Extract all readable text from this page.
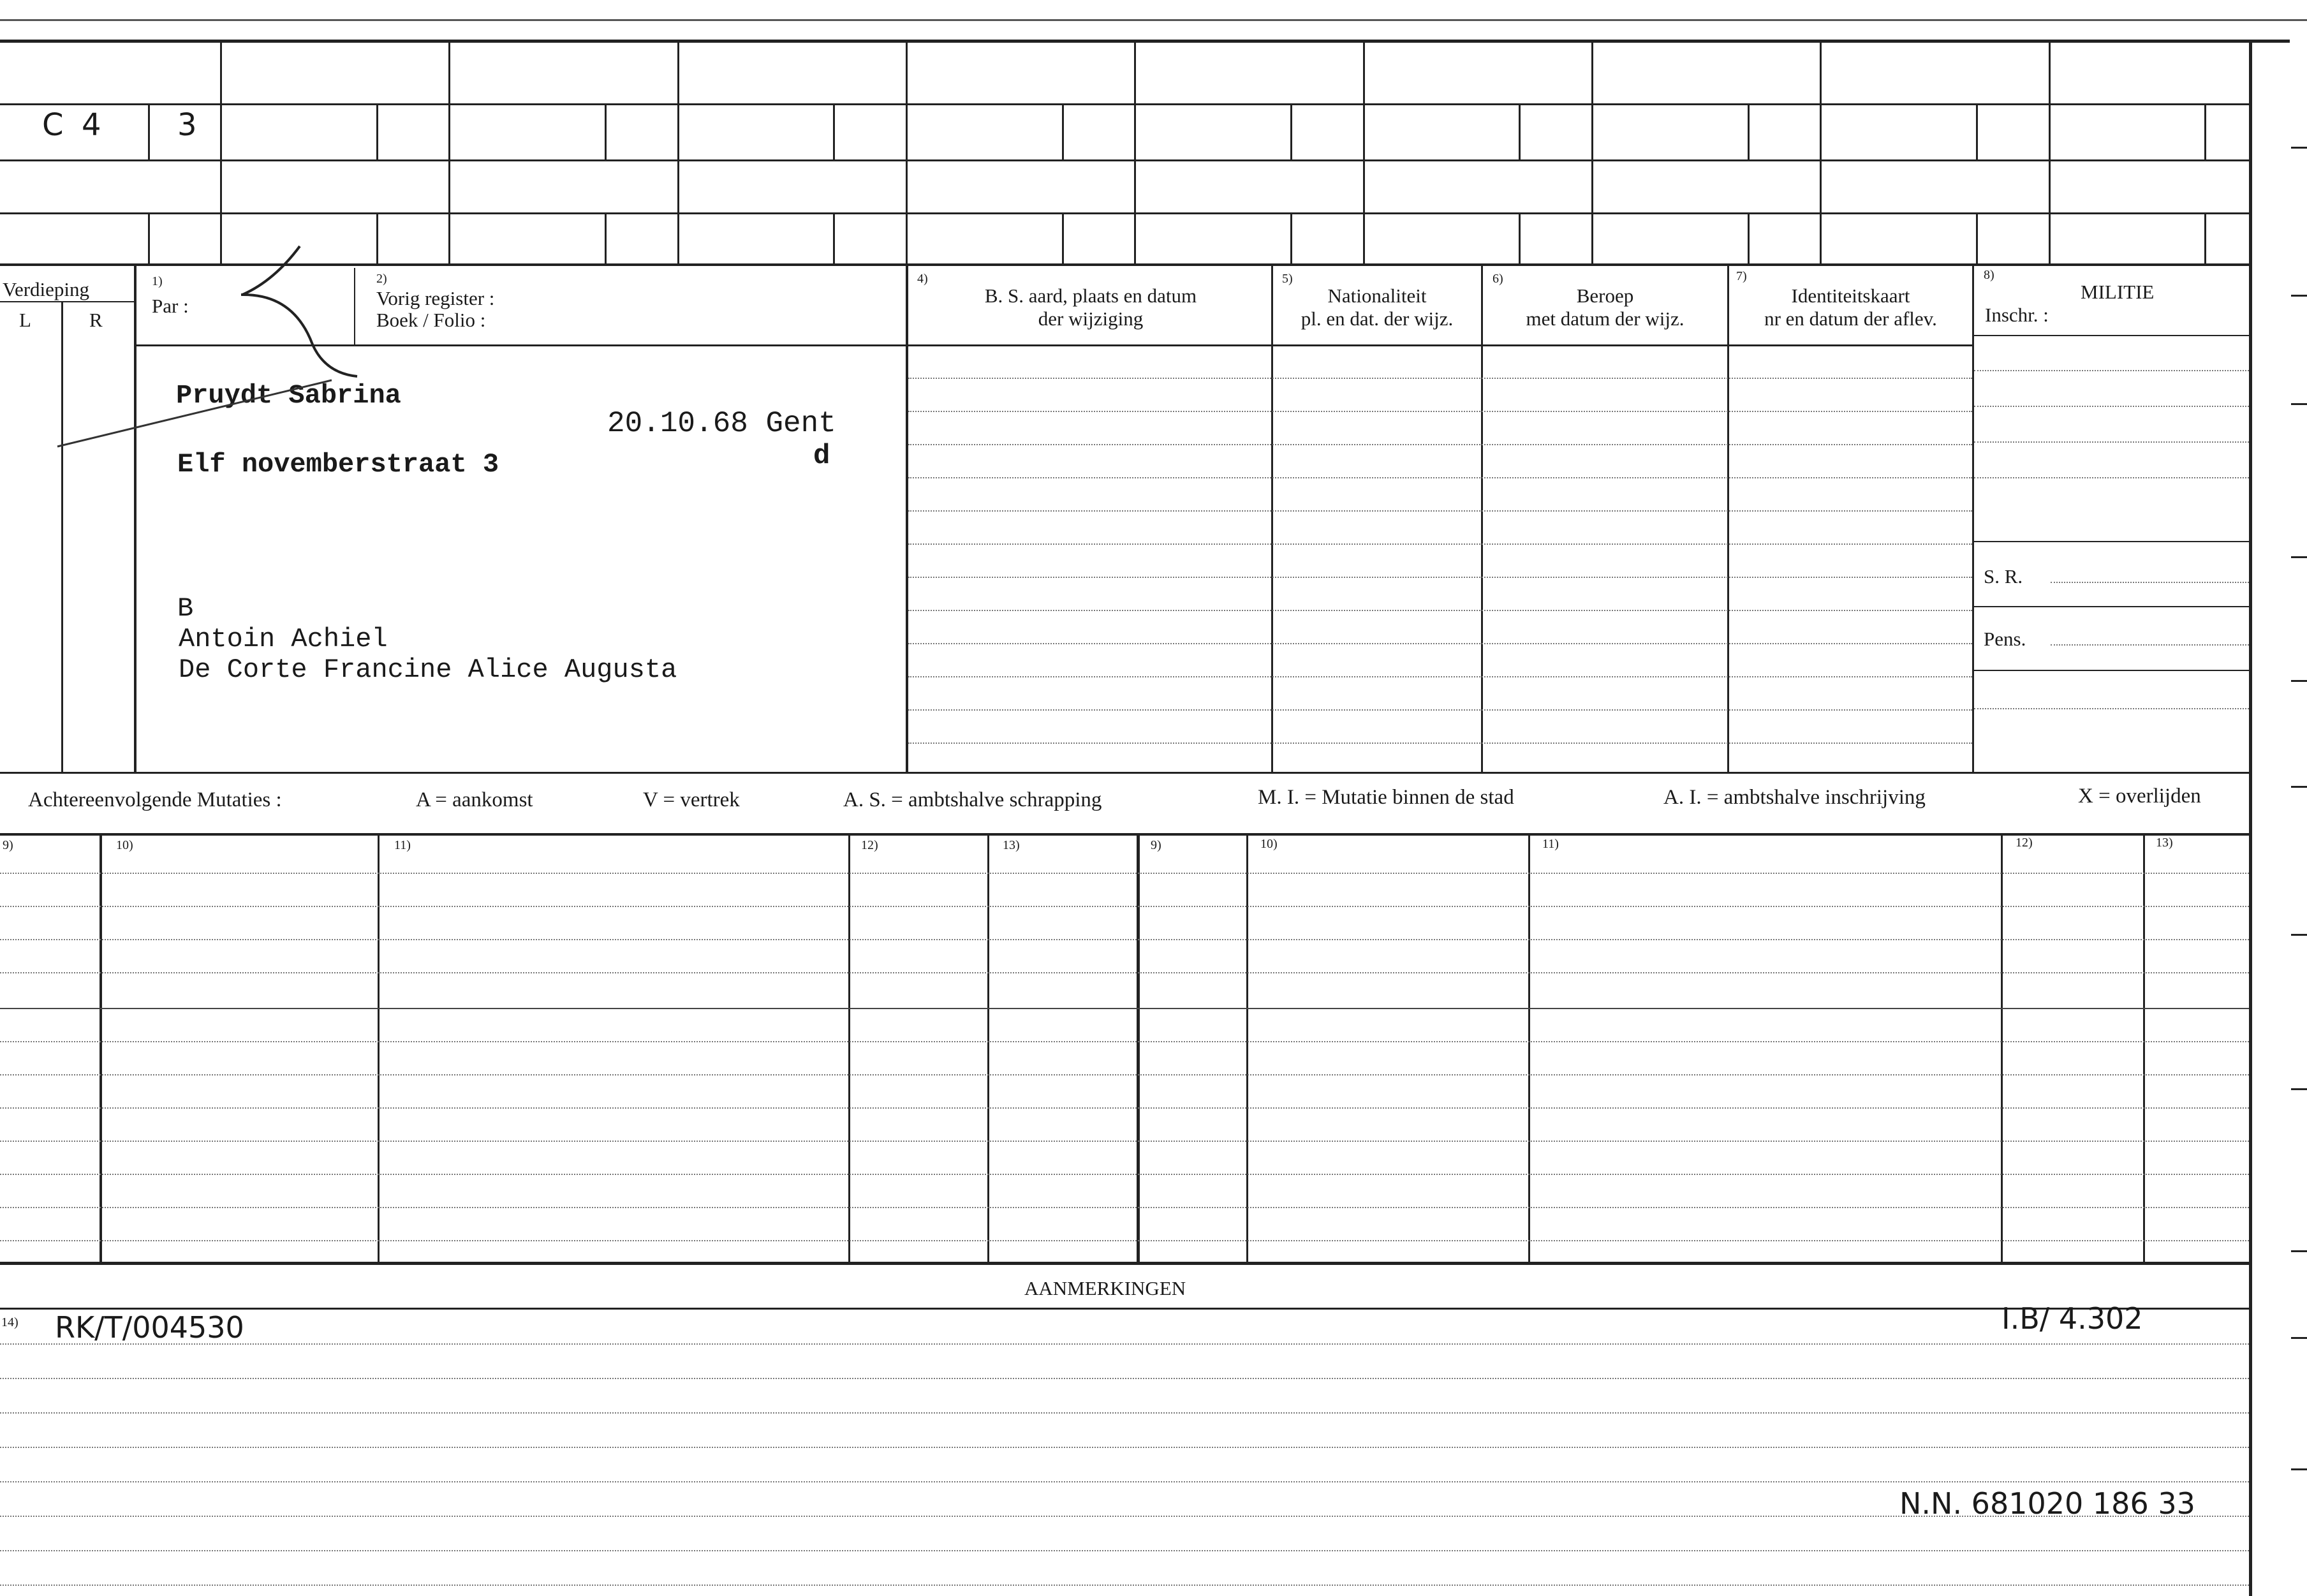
C 4 3
Verdieping
L	R
1)
Par :
2)
Vorig register :
Boek / Folio :
4)
B. S. aard, plaats en datum
der wijziging
5)
Nationaliteit
pl. en dat. der wijz.
6)
Beroep
met datum der wijz.
7)
Identiteitskaart
nr en datum der aflev.
8)
MILITIE
Inschr. :
S. R.
Pens.
Pruydt Sabrina
20.10.68 Gent
d
Elf novemberstraat 3
B
Antoin Achiel
De Corte Francine Alice Augusta
Achtereenvolgende Mutaties :	A = aankomst	V = vertrek	A. S. = ambtshalve schrapping	M. I. = Mutatie binnen de stad	A. I. = ambtshalve inschrijving	X = overlijden
9)	10)	11)	12)	13)	9)	10)	11)	12)	13)
AANMERKINGEN
14) RK/T/004530	I.B/ 4.302
N.N. 681020 186 33
